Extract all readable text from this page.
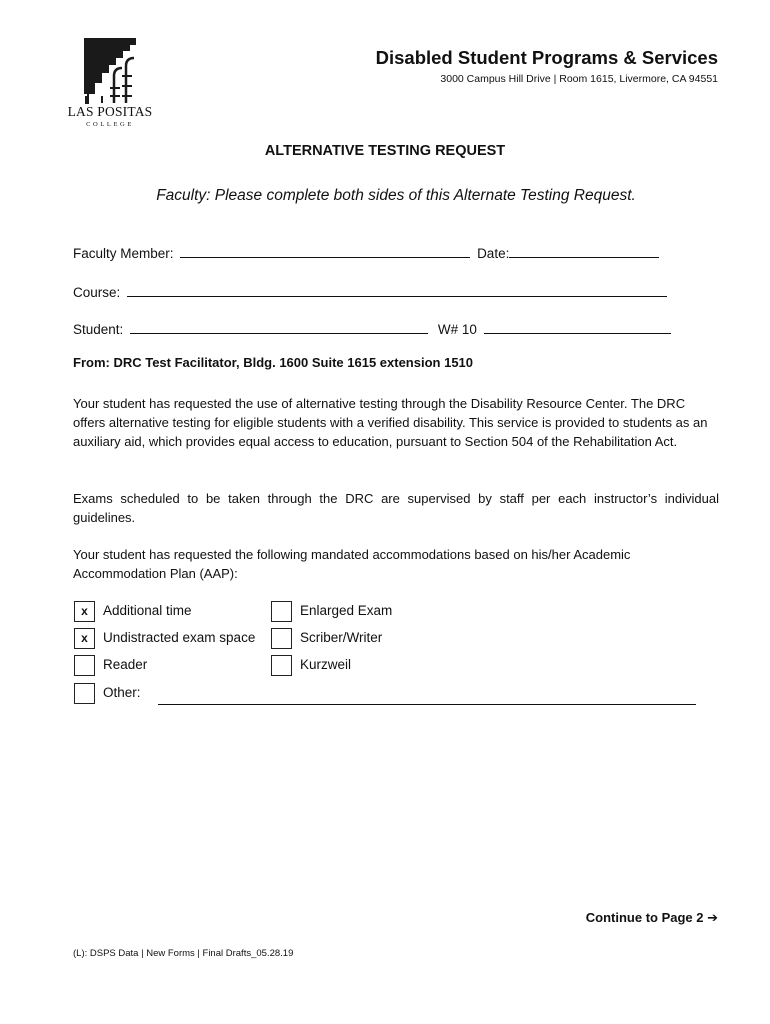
LAS POSITAS
COLLEGE
Disabled Student Programs & Services
3000 Campus Hill Drive | Room 1615, Livermore, CA 94551
ALTERNATIVE TESTING REQUEST
Faculty: Please complete both sides of this Alternate Testing Request.
Faculty Member:	Date:
Course:
Student:	W# 10
From: DRC Test Facilitator, Bldg. 1600 Suite 1615 extension 1510
Your student has requested the use of alternative testing through the Disability Resource Center. The DRC offers alternative testing for eligible students with a verified disability. This service is provided to students as an auxiliary aid, which provides equal access to education, pursuant to Section 504 of the Rehabilitation Act.
Exams scheduled to be taken through the DRC are supervised by staff per each instructor’s individual guidelines.
Your student has requested the following mandated accommodations based on his/her Academic Accommodation Plan (AAP):
x	Additional time	Enlarged Exam
x	Undistracted exam space	Scriber/Writer
Reader	Kurzweil
Other:
Continue to Page 2 ➔
(L): DSPS Data | New Forms | Final Drafts_05.28.19
